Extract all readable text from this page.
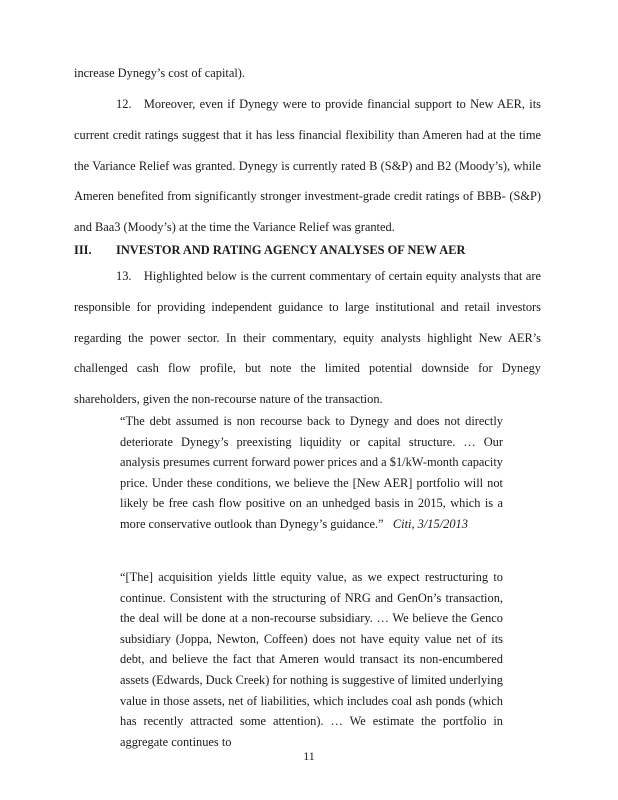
increase Dynegy’s cost of capital).
12. Moreover, even if Dynegy were to provide financial support to New AER, its current credit ratings suggest that it has less financial flexibility than Ameren had at the time the Variance Relief was granted. Dynegy is currently rated B (S&P) and B2 (Moody’s), while Ameren benefited from significantly stronger investment-grade credit ratings of BBB- (S&P) and Baa3 (Moody’s) at the time the Variance Relief was granted.
III. INVESTOR AND RATING AGENCY ANALYSES OF NEW AER
13. Highlighted below is the current commentary of certain equity analysts that are responsible for providing independent guidance to large institutional and retail investors regarding the power sector. In their commentary, equity analysts highlight New AER’s challenged cash flow profile, but note the limited potential downside for Dynegy shareholders, given the non-recourse nature of the transaction.
“The debt assumed is non recourse back to Dynegy and does not directly deteriorate Dynegy’s preexisting liquidity or capital structure. … Our analysis presumes current forward power prices and a $1/kW-month capacity price. Under these conditions, we believe the [New AER] portfolio will not likely be free cash flow positive on an unhedged basis in 2015, which is a more conservative outlook than Dynegy’s guidance.” Citi, 3/15/2013
“[The] acquisition yields little equity value, as we expect restructuring to continue. Consistent with the structuring of NRG and GenOn’s transaction, the deal will be done at a non-recourse subsidiary. … We believe the Genco subsidiary (Joppa, Newton, Coffeen) does not have equity value net of its debt, and believe the fact that Ameren would transact its non-encumbered assets (Edwards, Duck Creek) for nothing is suggestive of limited underlying value in those assets, net of liabilities, which includes coal ash ponds (which has recently attracted some attention). … We estimate the portfolio in aggregate continues to
11
